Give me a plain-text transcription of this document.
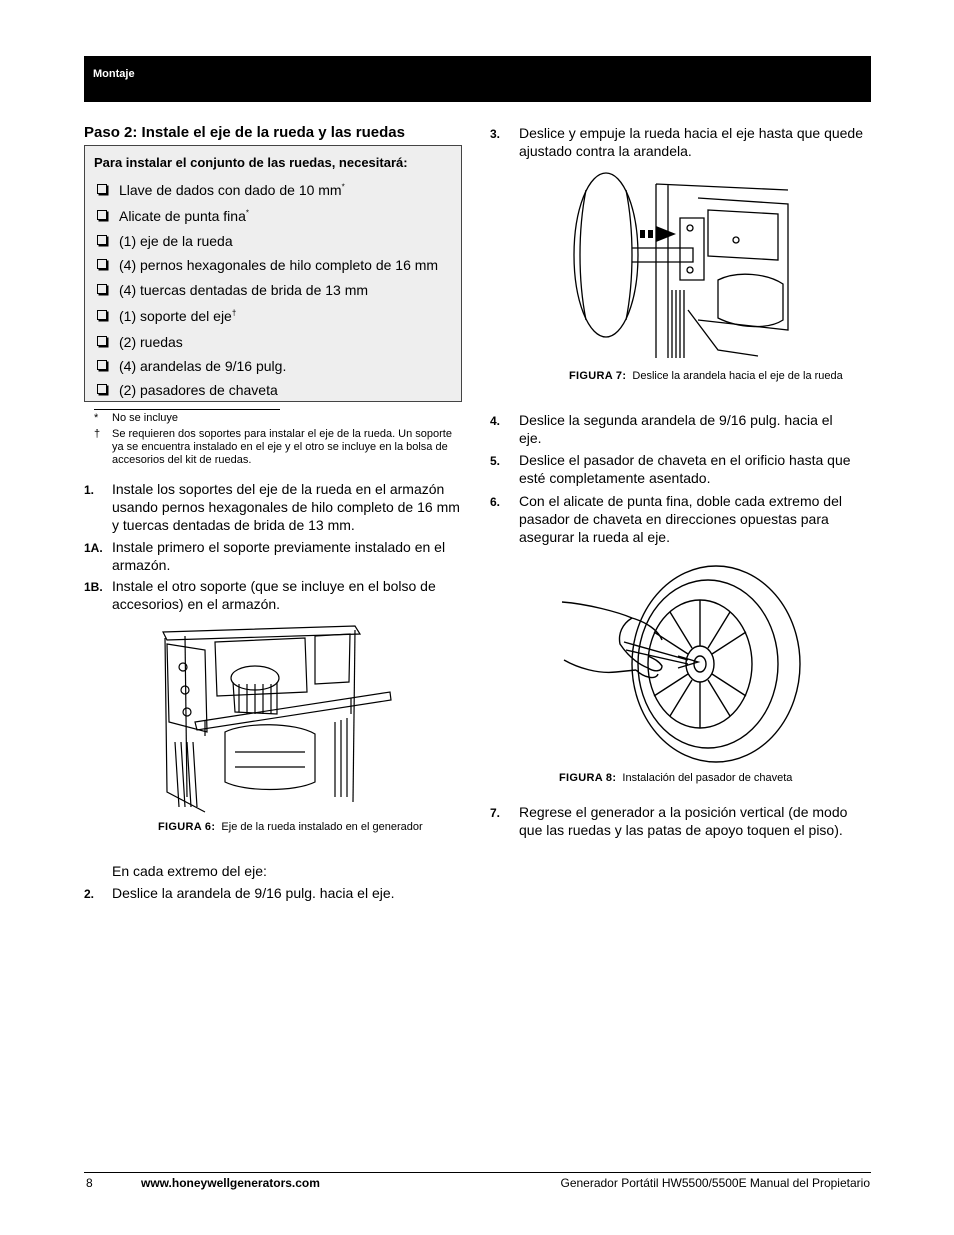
Montaje
Paso 2: Instale el eje de la rueda y las ruedas
Para instalar el conjunto de las ruedas, necesitará:
Llave de dados con dado de 10 mm*
Alicate de punta fina*
(1) eje de la rueda
(4) pernos hexagonales de hilo completo de 16 mm
(4) tuercas dentadas de brida de 13 mm
(1) soporte del eje†
(2) ruedas
(4) arandelas de 9/16 pulg.
(2) pasadores de chaveta
* No se incluye
† Se requieren dos soportes para instalar el eje de la rueda. Un soporte ya se encuentra instalado en el eje y el otro se incluye en la bolsa de accesorios del kit de ruedas.
1. Instale los soportes del eje de la rueda en el armazón usando pernos hexagonales de hilo completo de 16 mm y tuercas dentadas de brida de 13 mm.
1A. Instale primero el soporte previamente instalado en el armazón.
1B. Instale el otro soporte (que se incluye en el bolso de accesorios) en el armazón.
FIGURA 6: Eje de la rueda instalado en el generador
En cada extremo del eje:
2. Deslice la arandela de 9/16 pulg. hacia el eje.
3. Deslice y empuje la rueda hacia el eje hasta que quede ajustado contra la arandela.
FIGURA 7: Deslice la arandela hacia el eje de la rueda
4. Deslice la segunda arandela de 9/16 pulg. hacia el eje.
5. Deslice el pasador de chaveta en el orificio hasta que esté completamente asentado.
6. Con el alicate de punta fina, doble cada extremo del pasador de chaveta en direcciones opuestas para asegurar la rueda al eje.
FIGURA 8: Instalación del pasador de chaveta
7. Regrese el generador a la posición vertical (de modo que las ruedas y las patas de apoyo toquen el piso).
8	www.honeywellgenerators.com	Generador Portátil HW5500/5500E Manual del Propietario
